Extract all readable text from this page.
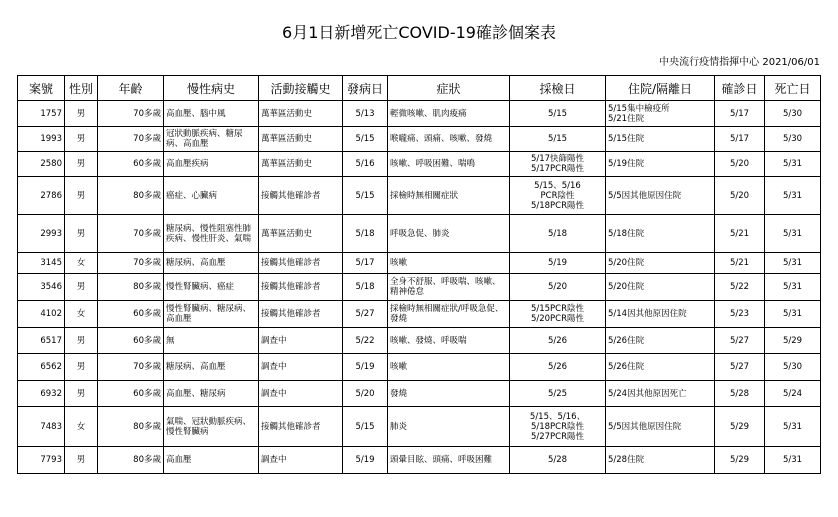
6月1日新增死亡COVID-19確診個案表
中央流行疫情指揮中心 2021/06/01
案號	性別	年齡	慢性病史	活動接觸史	發病日	症狀	採檢日	住院/隔離日	確診日	死亡日
1757	男	70多歲	高血壓、腦中風	萬華區活動史	5/13	輕微咳嗽、肌肉痠痛	5/15	5/15集中檢疫所
5/21住院	5/17	5/30
1993	男	70多歲	冠狀動脈疾病、糖尿病、高血壓	萬華區活動史	5/15	喉嚨痛、頭痛、咳嗽、發燒	5/15	5/15住院	5/17	5/30
2580	男	60多歲	高血壓疾病	萬華區活動史	5/16	咳嗽、呼吸困難、喘鳴	5/17快篩陽性
5/17PCR陽性	5/19住院	5/20	5/31
2786	男	80多歲	癌症、心臟病	接觸其他確診者	5/15	採檢時無相關症狀	5/15、5/16
PCR陰性
5/18PCR陽性	5/5因其他原因住院	5/20	5/31
2993	男	70多歲	糖尿病、慢性阻塞性肺疾病、慢性肝炎、氣喘	萬華區活動史	5/18	呼吸急促、肺炎	5/18	5/18住院	5/21	5/31
3145	女	70多歲	糖尿病、高血壓	接觸其他確診者	5/17	咳嗽	5/19	5/20住院	5/21	5/31
3546	男	80多歲	慢性腎臟病、癌症	接觸其他確診者	5/18	全身不舒服、呼吸喘、咳嗽、精神倦怠	5/20	5/20住院	5/22	5/31
4102	女	60多歲	慢性腎臟病、糖尿病、高血壓	接觸其他確診者	5/27	採檢時無相關症狀/呼吸急促、發燒	5/15PCR陰性
5/20PCR陽性	5/14因其他原因住院	5/23	5/31
6517	男	60多歲	無	調查中	5/22	咳嗽、發燒、呼吸喘	5/26	5/26住院	5/27	5/29
6562	男	70多歲	糖尿病、高血壓	調查中	5/19	咳嗽	5/26	5/26住院	5/27	5/30
6932	男	60多歲	高血壓、糖尿病	調查中	5/20	發燒	5/25	5/24因其他原因死亡	5/28	5/24
7483	女	80多歲	氣喘、冠狀動脈疾病、慢性腎臟病	接觸其他確診者	5/15	肺炎	5/15、5/16、
5/18PCR陰性
5/27PCR陽性	5/5因其他原因住院	5/29	5/31
7793	男	80多歲	高血壓	調查中	5/19	頭暈目眩、頭痛、呼吸困難	5/28	5/28住院	5/29	5/31
